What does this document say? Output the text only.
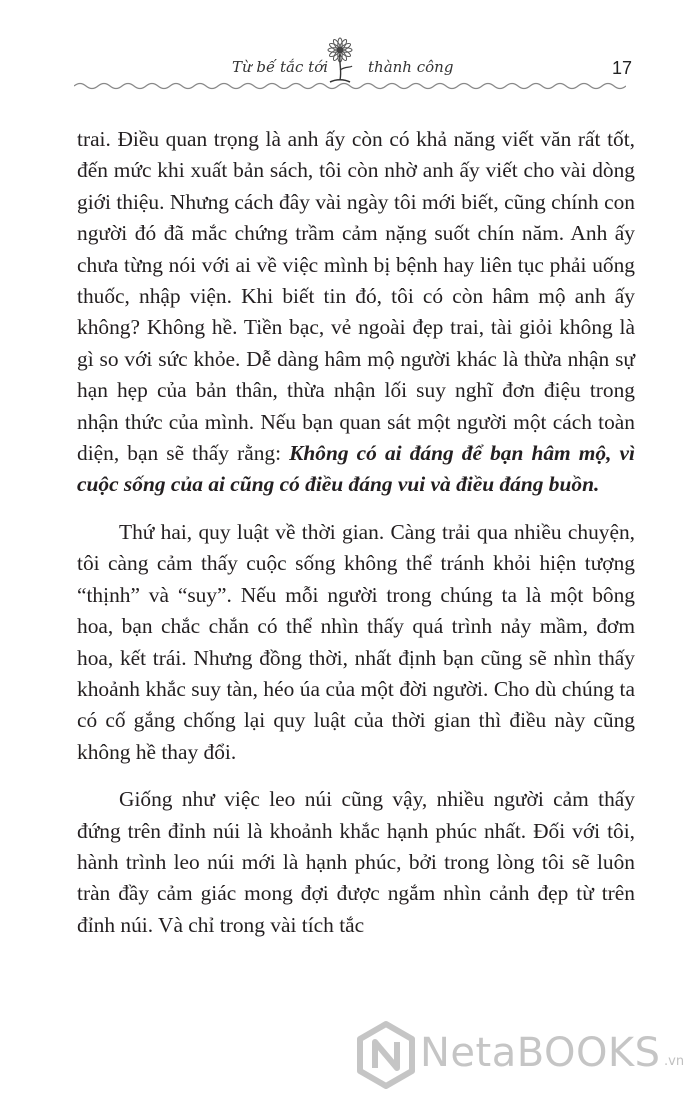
Từ bế tắc tới	thành công	17

trai. Điều quan trọng là anh ấy còn có khả năng viết văn rất tốt, đến mức khi xuất bản sách, tôi còn nhờ anh ấy viết cho vài dòng giới thiệu. Nhưng cách đây vài ngày tôi mới biết, cũng chính con người đó đã mắc chứng trầm cảm nặng suốt chín năm. Anh ấy chưa từng nói với ai về việc mình bị bệnh hay liên tục phải uống thuốc, nhập viện. Khi biết tin đó, tôi có còn hâm mộ anh ấy không? Không hề. Tiền bạc, vẻ ngoài đẹp trai, tài giỏi không là gì so với sức khỏe. Dễ dàng hâm mộ người khác là thừa nhận sự hạn hẹp của bản thân, thừa nhận lối suy nghĩ đơn điệu trong nhận thức của mình. Nếu bạn quan sát một người một cách toàn diện, bạn sẽ thấy rằng: Không có ai đáng để bạn hâm mộ, vì cuộc sống của ai cũng có điều đáng vui và điều đáng buồn.

Thứ hai, quy luật về thời gian. Càng trải qua nhiều chuyện, tôi càng cảm thấy cuộc sống không thể tránh khỏi hiện tượng “thịnh” và “suy”. Nếu mỗi người trong chúng ta là một bông hoa, bạn chắc chắn có thể nhìn thấy quá trình nảy mầm, đơm hoa, kết trái. Nhưng đồng thời, nhất định bạn cũng sẽ nhìn thấy khoảnh khắc suy tàn, héo úa của một đời người. Cho dù chúng ta có cố gắng chống lại quy luật của thời gian thì điều này cũng không hề thay đổi.

Giống như việc leo núi cũng vậy, nhiều người cảm thấy đứng trên đỉnh núi là khoảnh khắc hạnh phúc nhất. Đối với tôi, hành trình leo núi mới là hạnh phúc, bởi trong lòng tôi sẽ luôn tràn đầy cảm giác mong đợi được ngắm nhìn cảnh đẹp từ trên đỉnh núi. Và chỉ trong vài tích tắc

NetaBOOKS .vn
